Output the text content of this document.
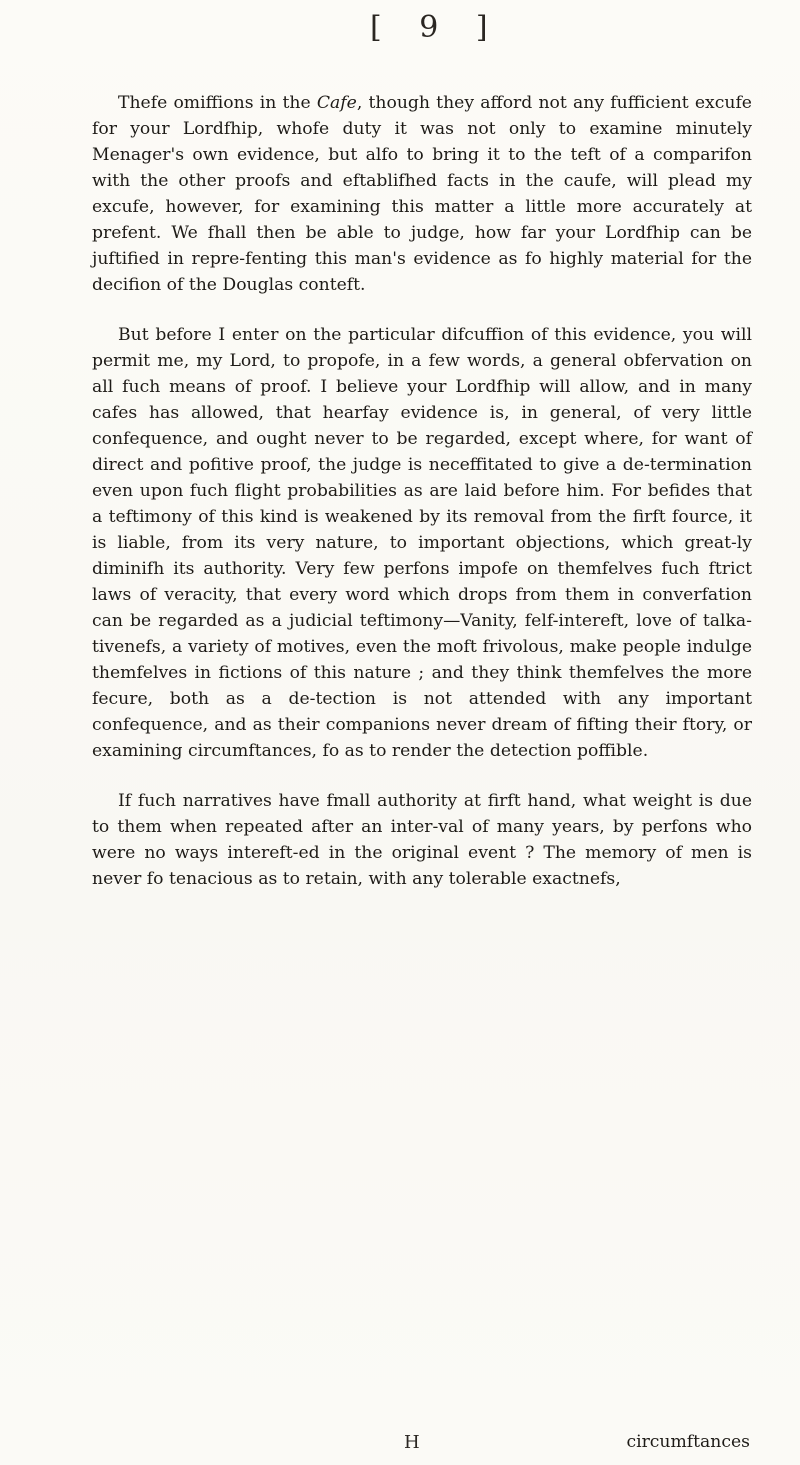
[ 9 ]

Thefe omiffions in the Cafe, though they afford not any fufficient excufe for your Lordfhip, whofe duty it was not only to examine minutely Menager's own evidence, but alfo to bring it to the teft of a comparifon with the other proofs and eftablifhed facts in the caufe, will plead my excufe, however, for examining this matter a little more accurately at prefent. We fhall then be able to judge, how far your Lordfhip can be juftified in repre-fenting this man's evidence as fo highly material for the decifion of the Douglas conteft.

But before I enter on the particular difcuffion of this evidence, you will permit me, my Lord, to propofe, in a few words, a general obfervation on all fuch means of proof. I believe your Lordfhip will allow, and in many cafes has allowed, that hearfay evidence is, in general, of very little confequence, and ought never to be regarded, except where, for want of direct and pofitive proof, the judge is neceffitated to give a de-termination even upon fuch flight probabilities as are laid before him. For befides that a teftimony of this kind is weakened by its removal from the firft fource, it is liable, from its very nature, to important objections, which great-ly diminifh its authority. Very few perfons impofe on themfelves fuch ftrict laws of veracity, that every word which drops from them in converfation can be regarded as a judicial teftimony—Vanity, felf-intereft, love of talka-tivenefs, a variety of motives, even the moft frivolous, make people indulge themfelves in fictions of this nature ; and they think themfelves the more fecure, both as a de-tection is not attended with any important confequence, and as their companions never dream of fifting their ftory, or examining circumftances, fo as to render the detection poffible.

If fuch narratives have fmall authority at firft hand, what weight is due to them when repeated after an inter-val of many years, by perfons who were no ways intereft-ed in the original event ? The memory of men is never fo tenacious as to retain, with any tolerable exactnefs,

H	circumftances
